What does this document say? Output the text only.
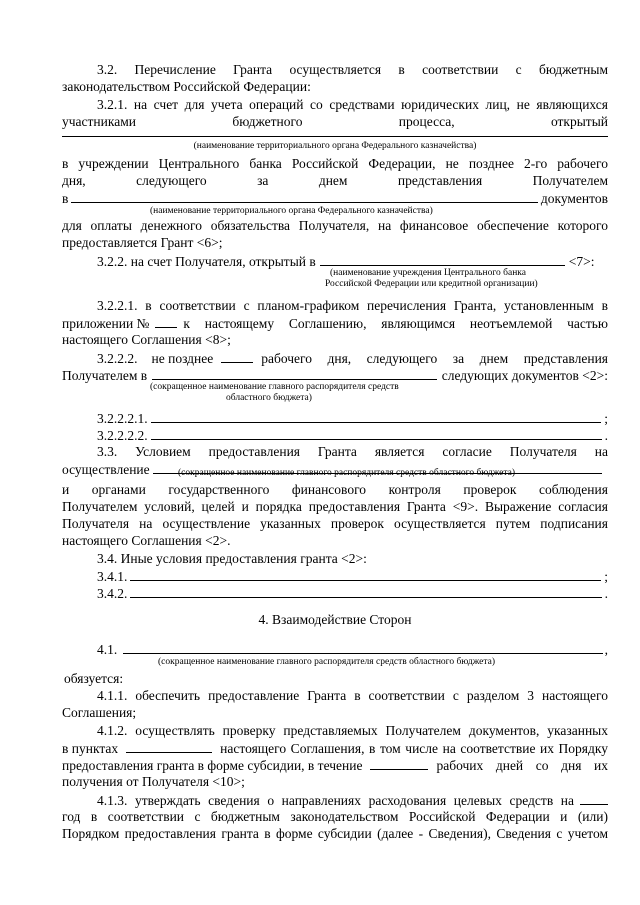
3.2. Перечисление Гранта осуществляется в соответствии с бюджетным
законодательством Российской Федерации:
3.2.1. на счет для учета операций со средствами юридических лиц, не являющихся
участниками	бюджетного	процесса,	открытый
(наименование территориального органа Федерального казначейства)
в учреждении Центрального банка Российской Федерации, не позднее 2-го рабочего
дня,	следующего	за	днем	представления	Получателем
в	документов
(наименование территориального органа Федерального казначейства)
для оплаты денежного обязательства Получателя, на финансовое обеспечение которого
предоставляется Грант <6>;
3.2.2. на счет Получателя, открытый в	<7>:
(наименование учреждения Центрального банка
Российской Федерации или кредитной организации)
3.2.2.1. в соответствии с планом-графиком перечисления Гранта, установленным в
приложении №	к настоящему Соглашению, являющимся неотъемлемой частью
настоящего Соглашения <8>;
3.2.2.2. не позднее	рабочего дня, следующего за днем представления
Получателем в	следующих документов <2>:
(сокращенное наименование главного распорядителя средств
областного бюджета)
3.2.2.2.1.	;
3.2.2.2.2.	.
3.3. Условием предоставления Гранта является согласие Получателя на
осуществление	(сокращенное наименование главного распорядителя средств областного бюджета)
и органами государственного финансового контроля проверок соблюдения
Получателем условий, целей и порядка предоставления Гранта <9>. Выражение согласия
Получателя на осуществление указанных проверок осуществляется путем подписания
настоящего Соглашения <2>.
3.4. Иные условия предоставления гранта <2>:
3.4.1.	;
3.4.2.	.
4. Взаимодействие Сторон
4.1.	,
(сокращенное наименование главного распорядителя средств областного бюджета)
обязуется:
4.1.1. обеспечить предоставление Гранта в соответствии с разделом 3 настоящего
Соглашения;
4.1.2. осуществлять проверку представляемых Получателем документов, указанных
в пунктах	настоящего Соглашения, в том числе на соответствие их Порядку
предоставления гранта в форме субсидии, в течение	рабочих дней со дня их
получения от Получателя <10>;
4.1.3. утверждать сведения о направлениях расходования целевых средств на
год в соответствии с бюджетным законодательством Российской Федерации и (или)
Порядком предоставления гранта в форме субсидии (далее - Сведения), Сведения с учетом
